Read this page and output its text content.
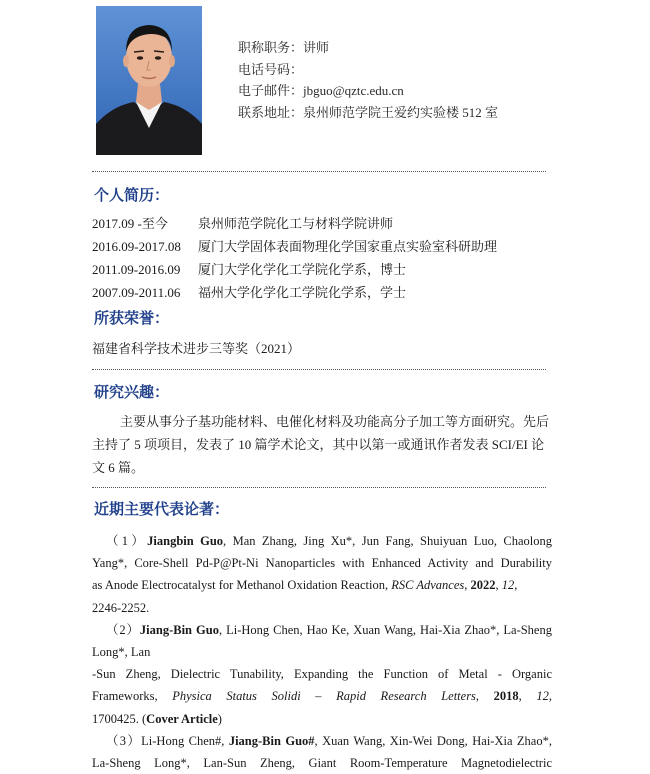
职称职务：讲师
电话号码：
电子邮件：jbguo@qztc.edu.cn
联系地址：泉州师范学院王爱约实验楼 512 室
个人简历：
2017.09 -至今 泉州师范学院化工与材料学院讲师
2016.09-2017.08 厦门大学固体表面物理化学国家重点实验室科研助理
2011.09-2016.09 厦门大学化学化工学院化学系，博士
2007.09-2011.06 福州大学化学化工学院化学系，学士
所获荣誉：
福建省科学技术进步三等奖（2021）
研究兴趣：
主要从事分子基功能材料、电催化材料及功能高分子加工等方面研究。先后
主持了 5 项项目，发表了 10 篇学术论文，其中以第一或通讯作者发表 SCI/EI 论
文 6 篇。
近期主要代表论著：
（1）Jiangbin Guo, Man Zhang, Jing Xu*, Jun Fang, Shuiyuan Luo, Chaolong
Yang*, Core-Shell Pd-P@Pt-Ni Nanoparticles with Enhanced Activity and Durability
as Anode Electrocatalyst for Methanol Oxidation Reaction, RSC Advances, 2022, 12,
2246-2252.
（2）Jiang-Bin Guo, Li-Hong Chen, Hao Ke, Xuan Wang, Hai-Xia Zhao*, La-Sheng
Long*, Lan
-Sun Zheng, Dielectric Tunability, Expanding the Function of Metal - Organic
Frameworks, Physica Status Solidi – Rapid Research Letters, 2018, 12,
1700425. (Cover Article)
（3）Li-Hong Chen#, Jiang-Bin Guo#, Xuan Wang, Xin-Wei Dong, Hai-Xia Zhao*,
La-Sheng Long*, Lan-Sun Zheng, Giant Room-Temperature Magnetodielectric
